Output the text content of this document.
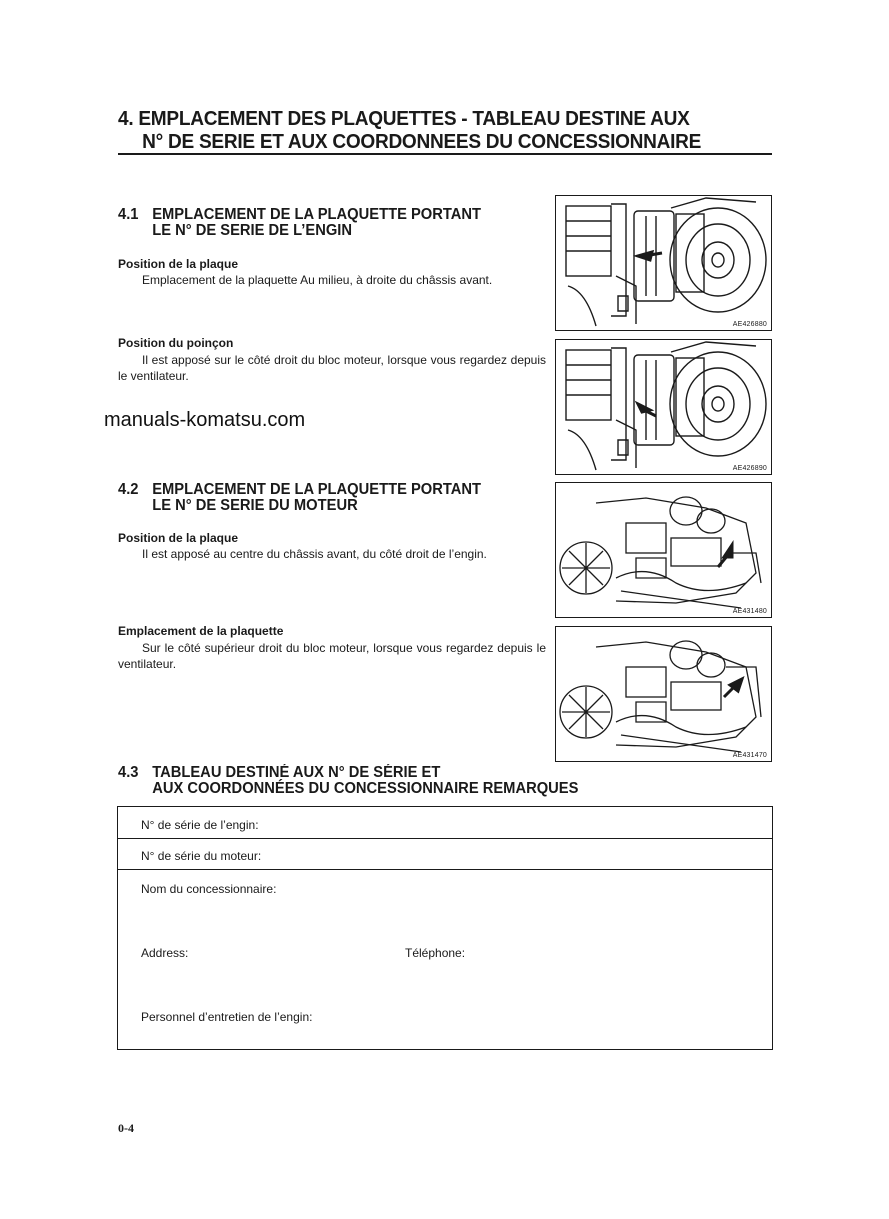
4. EMPLACEMENT DES PLAQUETTES - TABLEAU DESTINE AUX
N° DE SERIE ET AUX COORDONNEES DU CONCESSIONNAIRE
4.1 EMPLACEMENT DE LA PLAQUETTE PORTANT
LE N° DE SERIE DE L’ENGIN
Position de la plaque
Emplacement de la plaquette Au milieu, à droite du châssis avant.
Position du poinçon
Il est apposé sur le côté droit du bloc moteur, lorsque vous regardez depuis le ventilateur.
AE426880
AE426890
manuals-komatsu.com
4.2 EMPLACEMENT DE LA PLAQUETTE PORTANT
LE N° DE SERIE DU MOTEUR
Position de la plaque
Il est apposé au centre du châssis avant, du côté droit de l’engin.
Emplacement de la plaquette
Sur le côté supérieur droit du bloc moteur, lorsque vous regardez depuis le ventilateur.
AE431480
AE431470
4.3 TABLEAU DESTINÉ AUX N° DE SÉRIE ET
AUX COORDONNÉES DU CONCESSIONNAIRE REMARQUES
N° de série de l’engin:
N° de série du moteur:
Nom du concessionnaire:
Address:	Téléphone:
Personnel d’entretien de l’engin:
0-4
